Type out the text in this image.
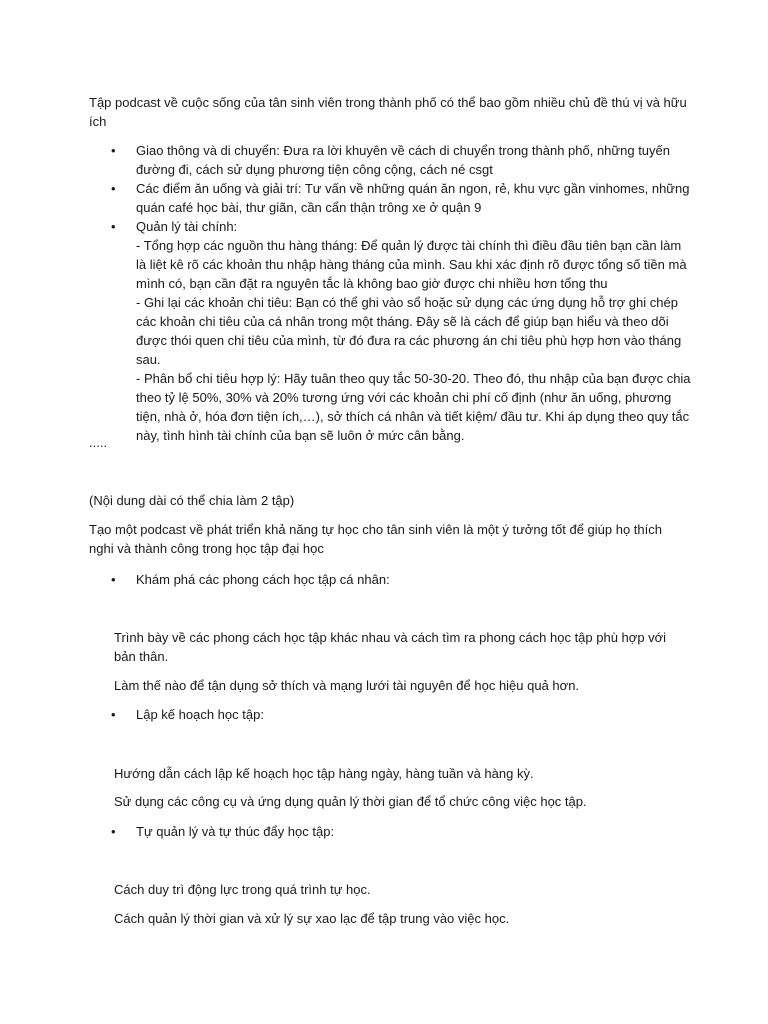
Tập podcast về cuộc sống của tân sinh viên trong thành phố có thể bao gồm nhiều chủ đề thú vị và hữu ích

• Giao thông và di chuyển: Đưa ra lời khuyên về cách di chuyển trong thành phố, những tuyến đường đi, cách sử dụng phương tiện công cộng, cách né csgt
• Các điểm ăn uống và giải trí: Tư vấn về những quán ăn ngon, rẻ, khu vực gần vinhomes, những quán café học bài, thư giãn, cần cẩn thận trông xe ở quận 9
• Quản lý tài chính:
- Tổng hợp các nguồn thu hàng tháng: Để quản lý được tài chính thì điều đầu tiên bạn cần làm là liệt kê rõ các khoản thu nhập hàng tháng của mình. Sau khi xác định rõ được tổng số tiền mà mình có, bạn cần đặt ra nguyên tắc là không bao giờ được chi nhiều hơn tổng thu
- Ghi lại các khoản chi tiêu: Bạn có thể ghi vào sổ hoặc sử dụng các ứng dụng hỗ trợ ghi chép các khoản chi tiêu của cá nhân trong một tháng. Đây sẽ là cách để giúp bạn hiểu và theo dõi được thói quen chi tiêu của mình, từ đó đưa ra các phương án chi tiêu phù hợp hơn vào tháng sau.
- Phân bổ chi tiêu hợp lý: Hãy tuân theo quy tắc 50-30-20. Theo đó, thu nhập của bạn được chia theo tỷ lệ 50%, 30% và 20% tương ứng với các khoản chi phí cố định (như ăn uống, phương tiện, nhà ở, hóa đơn tiện ích,…), sở thích cá nhân và tiết kiệm/ đầu tư. Khi áp dụng theo quy tắc này, tình hình tài chính của bạn sẽ luôn ở mức cân bằng.

.....

(Nội dung dài có thể chia làm 2 tập)

Tạo một podcast về phát triển khả năng tự học cho tân sinh viên là một ý tưởng tốt để giúp họ thích nghi và thành công trong học tập đại học

• Khám phá các phong cách học tập cá nhân:

Trình bày về các phong cách học tập khác nhau và cách tìm ra phong cách học tập phù hợp với bản thân.

Làm thế nào để tận dụng sở thích và mạng lưới tài nguyên để học hiệu quả hơn.

• Lập kế hoạch học tập:

Hướng dẫn cách lập kế hoạch học tập hàng ngày, hàng tuần và hàng kỳ.

Sử dụng các công cụ và ứng dụng quản lý thời gian để tổ chức công việc học tập.

• Tự quản lý và tự thúc đẩy học tập:

Cách duy trì động lực trong quá trình tự học.

Cách quản lý thời gian và xử lý sự xao lạc để tập trung vào việc học.
